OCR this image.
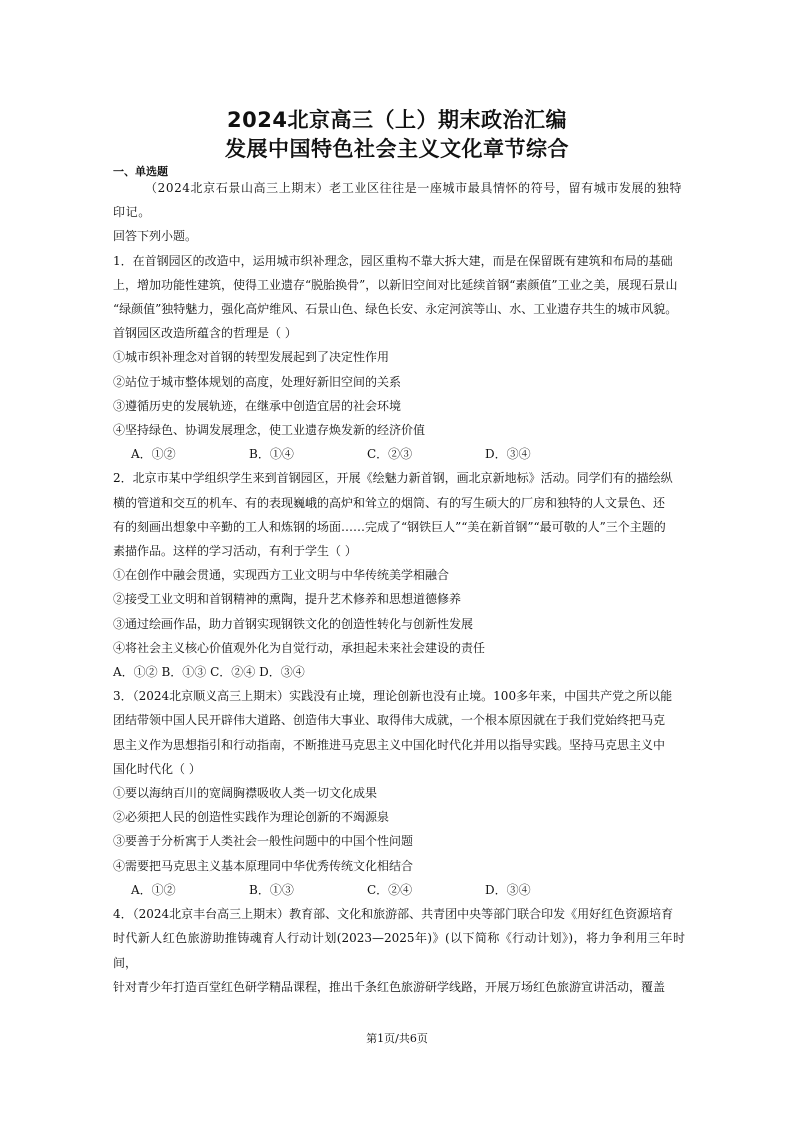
2024北京高三（上）期末政治汇编
发展中国特色社会主义文化章节综合
一、单选题

（2024北京石景山高三上期末）老工业区往往是一座城市最具情怀的符号，留有城市发展的独特印记。

回答下列小题。

1．在首钢园区的改造中，运用城市织补理念，园区重构不靠大拆大建，而是在保留既有建筑和布局的基础

上，增加功能性建筑，使得工业遗存“脱胎换骨”，以新旧空间对比延续首钢“素颜值”工业之美，展现石景山

“绿颜值”独特魅力，强化高炉维风、石景山色、绿色长安、永定河滨等山、水、工业遗存共生的城市风貌。

首钢园区改造所蕴含的哲理是（ ）

①城市织补理念对首钢的转型发展起到了决定性作用

②站位于城市整体规划的高度，处理好新旧空间的关系

③遵循历史的发展轨迹，在继承中创造宜居的社会环境

④坚持绿色、协调发展理念，使工业遗存焕发新的经济价值

A．①②	B．①④	C．②③	D．③④

2．北京市某中学组织学生来到首钢园区，开展《绘魅力新首钢，画北京新地标》活动。同学们有的描绘纵

横的管道和交互的机车、有的表现巍峨的高炉和耸立的烟筒、有的写生硕大的厂房和独特的人文景色、还

有的刻画出想象中辛勤的工人和炼钢的场面……完成了“钢铁巨人”“美在新首钢”“最可敬的人”三个主题的

素描作品。这样的学习活动，有利于学生（ ）

①在创作中融会贯通，实现西方工业文明与中华传统美学相融合

②接受工业文明和首钢精神的熏陶，提升艺术修养和思想道德修养

③通过绘画作品，助力首钢实现钢铁文化的创造性转化与创新性发展

④将社会主义核心价值观外化为自觉行动，承担起未来社会建设的责任

A．①② B．①③ C．②④ D．③④

3．（2024北京顺义高三上期末）实践没有止境，理论创新也没有止境。100多年来，中国共产党之所以能

团结带领中国人民开辟伟大道路、创造伟大事业、取得伟大成就，一个根本原因就在于我们党始终把马克

思主义作为思想指引和行动指南，不断推进马克思主义中国化时代化并用以指导实践。坚持马克思主义中

国化时代化（ ）

①要以海纳百川的宽阔胸襟吸收人类一切文化成果

②必须把人民的创造性实践作为理论创新的不竭源泉

③要善于分析寓于人类社会一般性问题中的中国个性问题

④需要把马克思主义基本原理同中华优秀传统文化相结合

A．①②	B．①③	C．②④	D．③④

4．（2024北京丰台高三上期末）教育部、文化和旅游部、共青团中央等部门联合印发《用好红色资源培育

时代新人红色旅游助推铸魂育人行动计划(2023—2025年)》(以下简称《行动计划》)，将力争利用三年时间，

针对青少年打造百堂红色研学精品课程，推出千条红色旅游研学线路，开展万场红色旅游宣讲活动，覆盖

第1页/共6页
